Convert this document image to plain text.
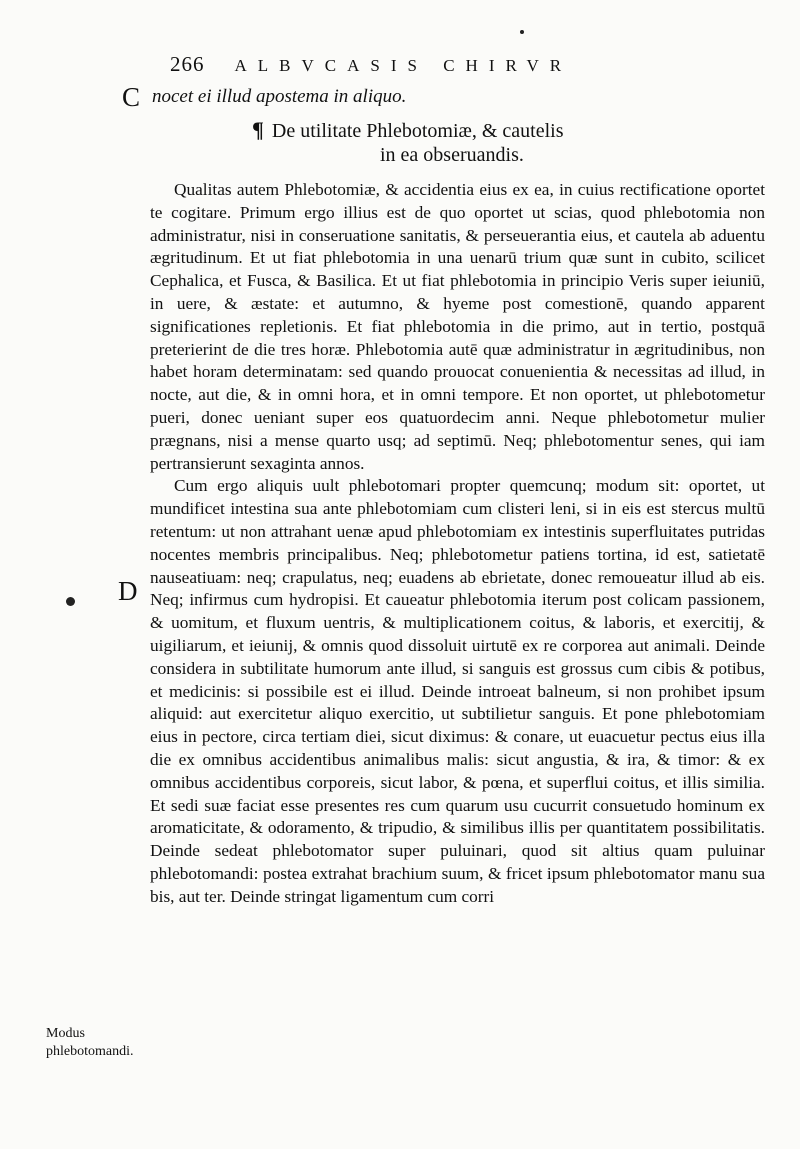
266 ALBVCASIS CHIRVR
C nocet ei illud apostema in aliquo.
¶ De utilitate Phlebotomiæ, & cautelis
in ea obseruandis.
D

Qualitas autem Phlebotomiæ, & accidentia eius ex ea, in cuius rectificatione oportet te cogitare. Primum ergo illius est de quo oportet ut scias, quod phlebotomia non administratur, nisi in conseruatione sanitatis, & perseuerantia eius, et cautela ab aduentu ægritudinum. Et ut fiat phlebotomia in una uenarū trium quæ sunt in cubito, scilicet Cephalica, et Fusca, & Basilica. Et ut fiat phlebotomia in principio Veris super ieiuniū, in uere, & æstate: et autumno, & hyeme post comestionē, quando apparent significationes repletionis. Et fiat phlebotomia in die primo, aut in tertio, postquā preterierint de die tres horæ. Phlebotomia autē quæ administratur in ægritudinibus, non habet horam determinatam: sed quando prouocat conuenientia & necessitas ad illud, in nocte, aut die, & in omni hora, et in omni tempore. Et non oportet, ut phlebotometur pueri, donec ueniant super eos quatuordecim anni. Neque phlebotometur mulier prægnans, nisi a mense quarto usq; ad septimū. Neq; phlebotomentur senes, qui iam pertransierunt sexaginta annos.

Cum ergo aliquis uult phlebotomari propter quemcunq; modum sit: oportet, ut mundificet intestina sua ante phlebotomiam cum clisteri leni, si in eis est stercus multū retentum: ut non attrahant uenæ apud phlebotomiam ex intestinis superfluitates putridas nocentes membris principalibus. Neq; phlebotometur patiens tortina, id est, satietatē nauseatiuam: neq; crapulatus, neq; euadens ab ebrietate, donec remoueatur illud ab eis. Neq; infirmus cum hydropisi. Et caueatur phlebotomia iterum post colicam passionem, & uomitum, et fluxum uentris, & multiplicationem coitus, & laboris, et exercitij, & uigiliarum, et ieiunij, & omnis quod dissoluit uirtutē ex re corporea aut animali. Deinde considera in subtilitate humorum ante illud, si sanguis est grossus cum cibis & potibus, et medicinis: si possibile est ei illud. Deinde introeat balneum, si non prohibet ipsum aliquid: aut exercitetur aliquo exercitio, ut subtilietur sanguis. Et pone phlebotomiam eius in pectore, circa tertiam diei, sicut diximus: & conare, ut euacuetur pectus eius illa die ex omnibus accidentibus animalibus malis: sicut angustia, & ira, & timor: & ex omnibus accidentibus corporeis, sicut labor, & pœna, et superflui coitus, et illis similia. Et sedi suæ faciat esse presentes res cum quarum usu cucurrit consuetudo hominum ex aromaticitate, & odoramento, & tripudio, & similibus illis per quantitatem possibilitatis. Deinde sedeat phlebotomator super puluinari, quod sit altius quam puluinar phlebotomandi: postea extrahat brachium suum, & fricet ipsum phlebotomator manu sua bis, aut ter. Deinde stringat ligamentum cum corri

Modus phlebotomandi.
